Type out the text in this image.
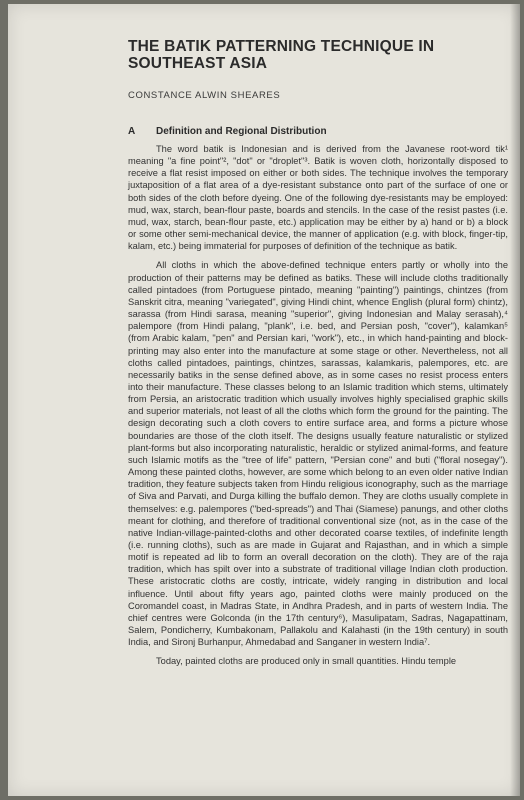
THE BATIK PATTERNING TECHNIQUE IN SOUTHEAST ASIA
CONSTANCE ALWIN SHEARES
A Definition and Regional Distribution

The word batik is Indonesian and is derived from the Javanese root-word tik¹ meaning "a fine point"², "dot" or "droplet"³. Batik is woven cloth, horizontally disposed to receive a flat resist imposed on either or both sides. The technique involves the temporary juxtaposition of a flat area of a dye-resistant substance onto part of the surface of one or both sides of the cloth before dyeing. One of the following dye-resistants may be employed: mud, wax, starch, bean-flour paste, boards and stencils. In the case of the resist pastes (i.e. mud, wax, starch, bean-flour paste, etc.) application may be either by a) hand or b) a block or some other semi-mechanical device, the manner of application (e.g. with block, finger-tip, kalam, etc.) being immaterial for purposes of definition of the technique as batik.

All cloths in which the above-defined technique enters partly or wholly into the production of their patterns may be defined as batiks. These will include cloths traditionally called pintadoes (from Portuguese pintado, meaning "painting") paintings, chintzes (from Sanskrit citra, meaning "variegated", giving Hindi chint, whence English (plural form) chintz), sarassa (from Hindi sarasa, meaning "superior", giving Indonesian and Malay serasah),⁴ palempore (from Hindi palang, "plank", i.e. bed, and Persian posh, "cover"), kalamkan⁵ (from Arabic kalam, "pen" and Persian kari, "work"), etc., in which hand-painting and block-printing may also enter into the manufacture at some stage or other. Nevertheless, not all cloths called pintadoes, paintings, chintzes, sarassas, kalamkaris, palempores, etc. are necessarily batiks in the sense defined above, as in some cases no resist process enters into their manufacture. These classes belong to an Islamic tradition which stems, ultimately from Persia, an aristocratic tradition which usually involves highly specialised graphic skills and superior materials, not least of all the cloths which form the ground for the painting. The design decorating such a cloth covers to entire surface area, and forms a picture whose boundaries are those of the cloth itself. The designs usually feature naturalistic or stylized plant-forms but also incorporating naturalistic, heraldic or stylized animal-forms, and feature such Islamic motifs as the "tree of life" pattern, "Persian cone" and buti ("floral nosegay"). Among these painted cloths, however, are some which belong to an even older native Indian tradition, they feature subjects taken from Hindu religious iconography, such as the marriage of Siva and Parvati, and Durga killing the buffalo demon. They are cloths usually complete in themselves: e.g. palempores ("bed-spreads") and Thai (Siamese) panungs, and other cloths meant for clothing, and therefore of traditional conventional size (not, as in the case of the native Indian-village-painted-cloths and other decorated coarse textiles, of indefinite length (i.e. running cloths), such as are made in Gujarat and Rajasthan, and in which a simple motif is repeated ad lib to form an overall decoration on the cloth). They are of the raja tradition, which has spilt over into a substrate of traditional village Indian cloth production. These aristocratic cloths are costly, intricate, widely ranging in distribution and local influence. Until about fifty years ago, painted cloths were mainly produced on the Coromandel coast, in Madras State, in Andhra Pradesh, and in parts of western India. The chief centres were Golconda (in the 17th century⁶), Masulipatam, Sadras, Nagapattinam, Salem, Pondicherry, Kumbakonam, Pallakolu and Kalahasti (in the 19th century) in south India, and Sironj Burhanpur, Ahmedabad and Sanganer in western India⁷.

Today, painted cloths are produced only in small quantities. Hindu temple
